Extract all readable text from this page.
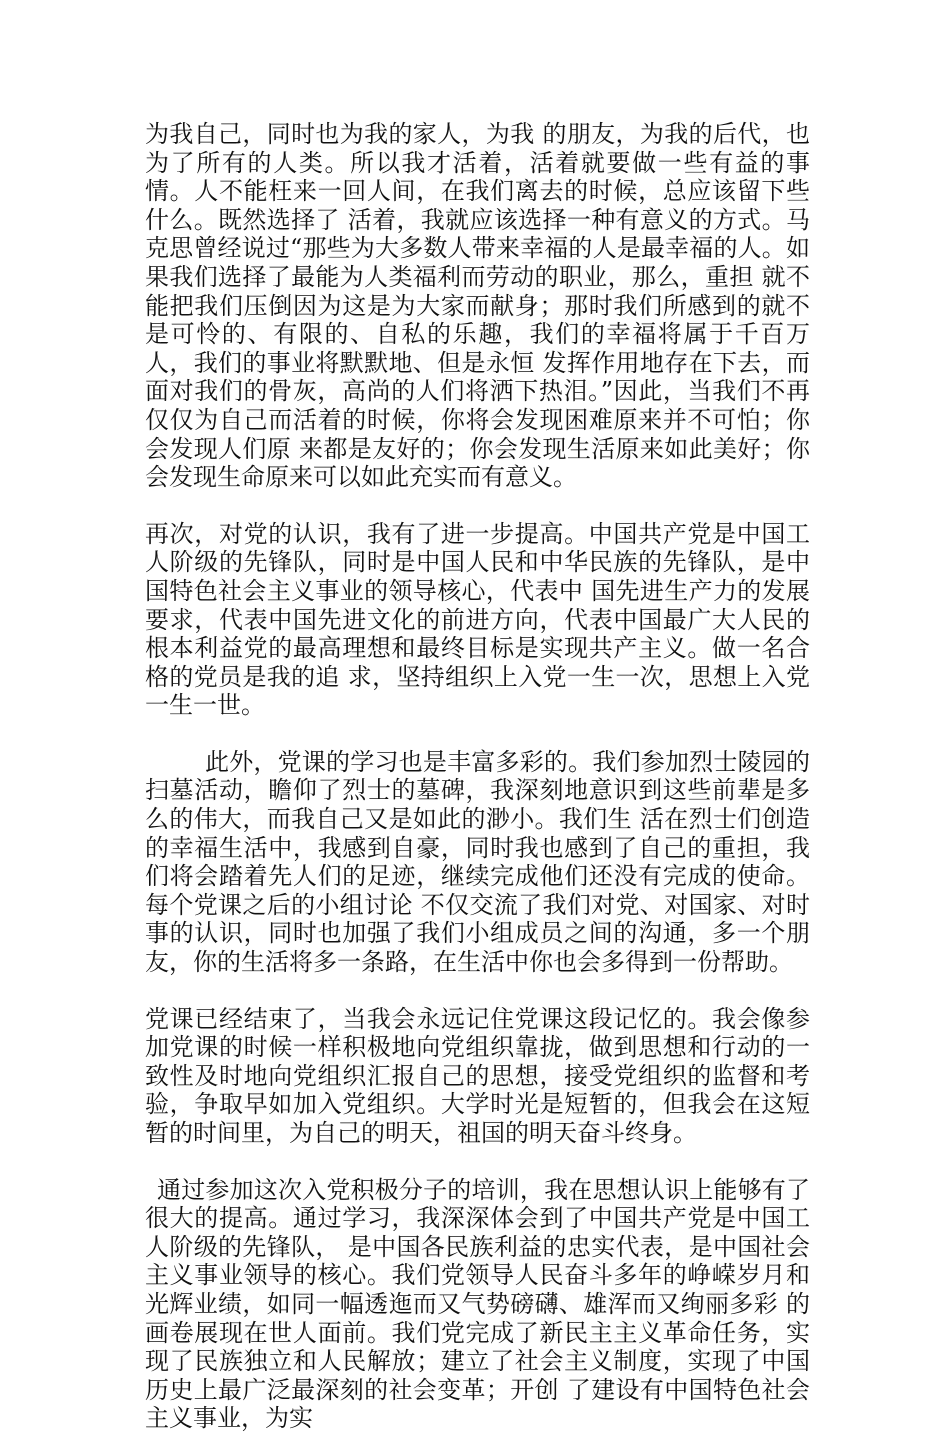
为我自己，同时也为我的家人，为我 的朋友，为我的后代，也为了所有的人类。所以我才活着，活着就要做一些有益的事情。人不能枉来一回人间，在我们离去的时候，总应该留下些什么。既然选择了 活着，我就应该选择一种有意义的方式。马克思曾经说过“那些为大多数人带来幸福的人是最幸福的人。如果我们选择了最能为人类福利而劳动的职业，那么，重担 就不能把我们压倒因为这是为大家而献身；那时我们所感到的就不是可怜的、有限的、自私的乐趣，我们的幸福将属于千百万人，我们的事业将默默地、但是永恒 发挥作用地存在下去，而面对我们的骨灰，高尚的人们将洒下热泪。”因此，当我们不再仅仅为自己而活着的时候，你将会发现困难原来并不可怕；你会发现人们原 来都是友好的；你会发现生活原来如此美好；你会发现生命原来可以如此充实而有意义。

再次，对党的认识，我有了进一步提高。中国共产党是中国工人阶级的先锋队，同时是中国人民和中华民族的先锋队，是中国特色社会主义事业的领导核心，代表中 国先进生产力的发展要求，代表中国先进文化的前进方向，代表中国最广大人民的根本利益党的最高理想和最终目标是实现共产主义。做一名合格的党员是我的追 求，坚持组织上入党一生一次，思想上入党一生一世。

此外，党课的学习也是丰富多彩的。我们参加烈士陵园的扫墓活动，瞻仰了烈士的墓碑，我深刻地意识到这些前辈是多么的伟大，而我自己又是如此的渺小。我们生 活在烈士们创造的幸福生活中，我感到自豪，同时我也感到了自己的重担，我们将会踏着先人们的足迹，继续完成他们还没有完成的使命。每个党课之后的小组讨论 不仅交流了我们对党、对国家、对时事的认识，同时也加强了我们小组成员之间的沟通，多一个朋友，你的生活将多一条路，在生活中你也会多得到一份帮助。

党课已经结束了，当我会永远记住党课这段记忆的。我会像参加党课的时候一样积极地向党组织靠拢，做到思想和行动的一致性及时地向党组织汇报自己的思想，接受党组织的监督和考验，争取早如加入党组织。大学时光是短暂的，但我会在这短暂的时间里，为自己的明天，祖国的明天奋斗终身。

通过参加这次入党积极分子的培训，我在思想认识上能够有了很大的提高。通过学习，我深深体会到了中国共产党是中国工人阶级的先锋队， 是中国各民族利益的忠实代表，是中国社会主义事业领导的核心。我们党领导人民奋斗多年的峥嵘岁月和光辉业绩，如同一幅透迤而又气势磅礴、雄浑而又绚丽多彩 的画卷展现在世人面前。我们党完成了新民主主义革命任务，实现了民族独立和人民解放；建立了社会主义制度，实现了中国历史上最广泛最深刻的社会变革；开创 了建设有中国特色社会主义事业，为实
